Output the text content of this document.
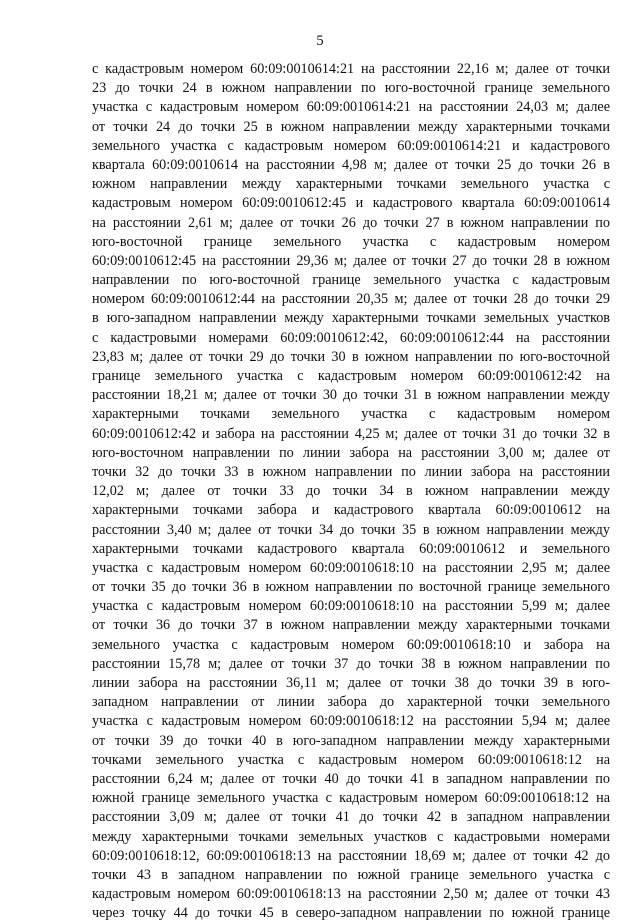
5
с кадастровым номером 60:09:0010614:21 на расстоянии 22,16 м; далее от точки
23 до точки 24 в южном направлении по юго-восточной границе земельного
участка с кадастровым номером 60:09:0010614:21 на расстоянии 24,03 м; далее
от точки 24 до точки 25 в южном направлении между характерными точками
земельного участка с кадастровым номером 60:09:0010614:21 и кадастрового
квартала 60:09:0010614 на расстоянии 4,98 м; далее от точки 25 до точки 26 в
южном направлении между характерными точками земельного участка с
кадастровым номером 60:09:0010612:45 и кадастрового квартала 60:09:0010614
на расстоянии 2,61 м; далее от точки 26 до точки 27 в южном направлении по
юго-восточной границе земельного участка с кадастровым номером
60:09:0010612:45 на расстоянии 29,36 м; далее от точки 27 до точки 28 в южном
направлении по юго-восточной границе земельного участка с кадастровым
номером 60:09:0010612:44 на расстоянии 20,35 м; далее от точки 28 до точки 29
в юго-западном направлении между характерными точками земельных участков
с кадастровыми номерами 60:09:0010612:42, 60:09:0010612:44 на расстоянии
23,83 м; далее от точки 29 до точки 30 в южном направлении по юго-восточной
границе земельного участка с кадастровым номером 60:09:0010612:42 на
расстоянии 18,21 м; далее от точки 30 до точки 31 в южном направлении между
характерными точками земельного участка с кадастровым номером
60:09:0010612:42 и забора на расстоянии 4,25 м; далее от точки 31 до точки 32 в
юго-восточном направлении по линии забора на расстоянии 3,00 м; далее от
точки 32 до точки 33 в южном направлении по линии забора на расстоянии
12,02 м; далее от точки 33 до точки 34 в южном направлении между
характерными точками забора и кадастрового квартала 60:09:0010612 на
расстоянии 3,40 м; далее от точки 34 до точки 35 в южном направлении между
характерными точками кадастрового квартала 60:09:0010612 и земельного
участка с кадастровым номером 60:09:0010618:10 на расстоянии 2,95 м; далее
от точки 35 до точки 36 в южном направлении по восточной границе земельного
участка с кадастровым номером 60:09:0010618:10 на расстоянии 5,99 м; далее
от точки 36 до точки 37 в южном направлении между характерными точками
земельного участка с кадастровым номером 60:09:0010618:10 и забора на
расстоянии 15,78 м; далее от точки 37 до точки 38 в южном направлении по
линии забора на расстоянии 36,11 м; далее от точки 38 до точки 39 в юго-
западном направлении от линии забора до характерной точки земельного
участка с кадастровым номером 60:09:0010618:12 на расстоянии 5,94 м; далее
от точки 39 до точки 40 в юго-западном направлении между характерными
точками земельного участка с кадастровым номером 60:09:0010618:12 на
расстоянии 6,24 м; далее от точки 40 до точки 41 в западном направлении по
южной границе земельного участка с кадастровым номером 60:09:0010618:12 на
расстоянии 3,09 м; далее от точки 41 до точки 42 в западном направлении
между характерными точками земельных участков с кадастровыми номерами
60:09:0010618:12, 60:09:0010618:13 на расстоянии 18,69 м; далее от точки 42 до
точки 43 в западном направлении по южной границе земельного участка с
кадастровым номером 60:09:0010618:13 на расстоянии 2,50 м; далее от точки 43
через точку 44 до точки 45 в северо-западном направлении по южной границе
